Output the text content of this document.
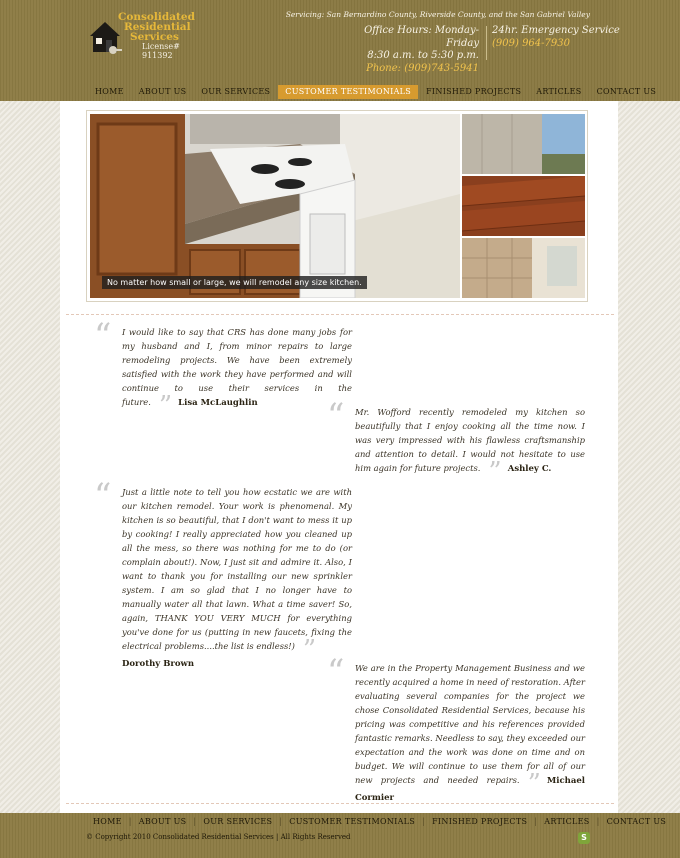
Consolidated
Residential
Services
License# 911392
Servicing: San Bernardino County, Riverside County, and the San Gabriel Valley
Office Hours: Monday-Friday
8:30 a.m. to 5:30 p.m.
Phone: (909)743-5941
24hr. Emergency Service
(909) 964-7930
HOME	ABOUT US	OUR SERVICES	CUSTOMER TESTIMONIALS	FINISHED PROJECTS	ARTICLES	CONTACT US
No matter how small or large, we will remodel any size kitchen.
“ I would like to say that CRS has done many jobs for my husband and I, from minor repairs to large remodeling projects. We have been extremely satisfied with the work they have performed and will continue to use their services in the future. ” Lisa McLaughlin	“ Mr. Wofford recently remodeled my kitchen so beautifully that I enjoy cooking all the time now. I was very impressed with his flawless craftsmanship and attention to detail. I would not hesitate to use him again for future projects. ” Ashley C.
“ Just a little note to tell you how ecstatic we are with our kitchen remodel. Your work is phenomenal. My kitchen is so beautiful, that I don't want to mess it up by cooking! I really appreciated how you cleaned up all the mess, so there was nothing for me to do (or complain about!). Now, I just sit and admire it. Also, I want to thank you for installing our new sprinkler system. I am so glad that I no longer have to manually water all that lawn. What a time saver! So, again, THANK YOU VERY MUCH for everything you've done for us (putting in new faucets, fixing the electrical problems....the list is endless!) ”
Dorothy Brown	“ We are in the Property Management Business and we recently acquired a home in need of restoration. After evaluating several companies for the project we chose Consolidated Residential Services, because his pricing was competitive and his references provided fantastic remarks. Needless to say, they exceeded our expectation and the work was done on time and on budget. We will continue to use them for all of our new projects and needed repairs. ” Michael Cormier
HOME | ABOUT US | OUR SERVICES | CUSTOMER TESTIMONIALS | FINISHED PROJECTS | ARTICLES | CONTACT US
© Copyright 2010 Consolidated Residential Services | All Rights Reserved	S
